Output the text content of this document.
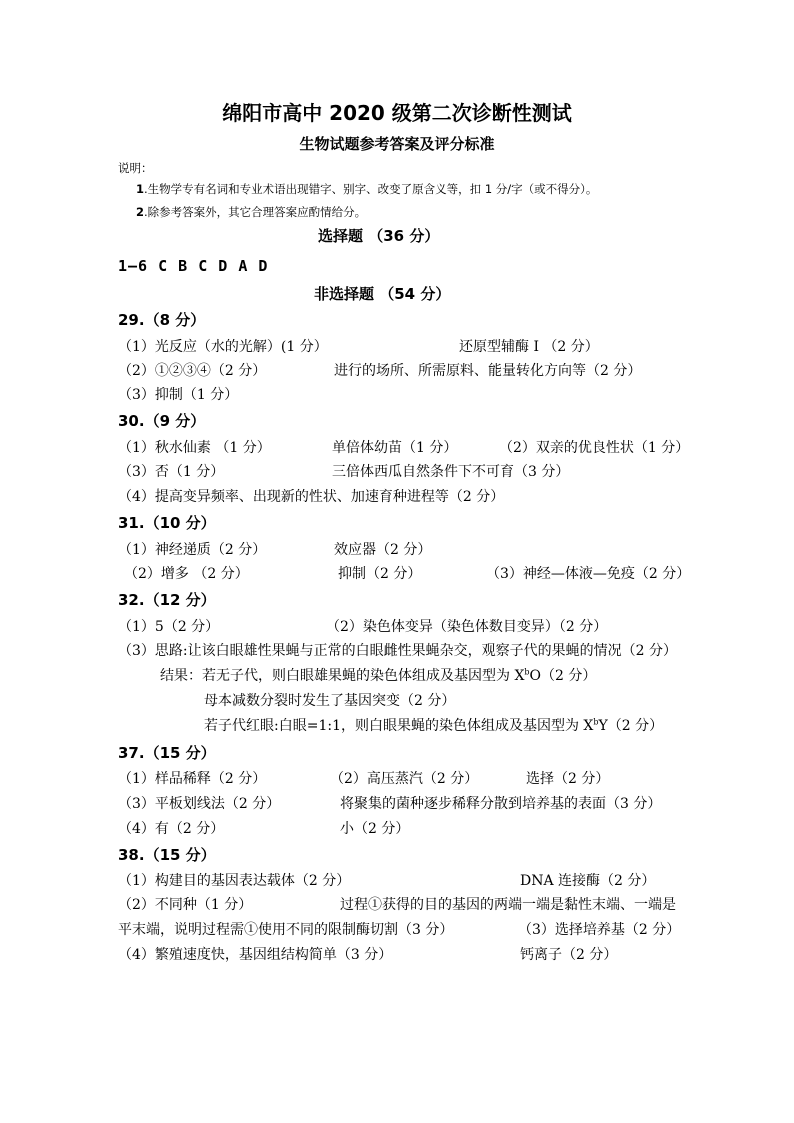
绵阳市高中 2020 级第二次诊断性测试
生物试题参考答案及评分标准
说明：
1.生物学专有名词和专业术语出现错字、别字、改变了原含义等，扣 1 分/字（或不得分）。
2.除参考答案外，其它合理答案应酌情给分。
选择题 （36 分）
1—6 C B C D A D
非选择题 （54 分）
29.（8 分）
（1）光反应（水的光解）(1 分）	还原型辅酶 I （2 分）
（2）①②③④（2 分）	进行的场所、所需原料、能量转化方向等（2 分）
（3）抑制（1 分）
30.（9 分）
（1）秋水仙素 （1 分）	单倍体幼苗（1 分）	（2）双亲的优良性状（1 分）
（3）否（1 分）	三倍体西瓜自然条件下不可育（3 分）
（4）提高变异频率、出现新的性状、加速育种进程等（2 分）
31.（10 分）
（1）神经递质（2 分）	效应器（2 分）
（2）增多 （2 分）	抑制（2 分）	（3）神经—体液—免疫（2 分）
32.（12 分）
（1）5（2 分）	（2）染色体变异（染色体数目变异）（2 分）
（3）思路:让该白眼雄性果蝇与正常的白眼雌性果蝇杂交，观察子代的果蝇的情况（2 分）
结果：若无子代，则白眼雄果蝇的染色体组成及基因型为 $X^bO(2$ 分）
母本减数分裂时发生了基因突变（2 分）
若子代红眼:白眼=1:1，则白眼果蝇的染色体组成及基因型为 $X^bY(2$ 分）
37.（15 分）
（1）样品稀释（2 分）	（2）高压蒸汽（2 分）	选择（2 分）
（3）平板划线法（2 分）	将聚集的菌种逐步稀释分散到培养基的表面（3 分）
（4）有（2 分）	小（2 分）
38.（15 分）
（1）构建目的基因表达载体（2 分）	DNA 连接酶（2 分）
（2）不同种（1 分）	过程①获得的目的基因的两端一端是黏性末端、一端是
平末端，说明过程需①使用不同的限制酶切割（3 分）	（3）选择培养基（2 分）
（4）繁殖速度快，基因组结构简单（3 分）	钙离子（2 分）
